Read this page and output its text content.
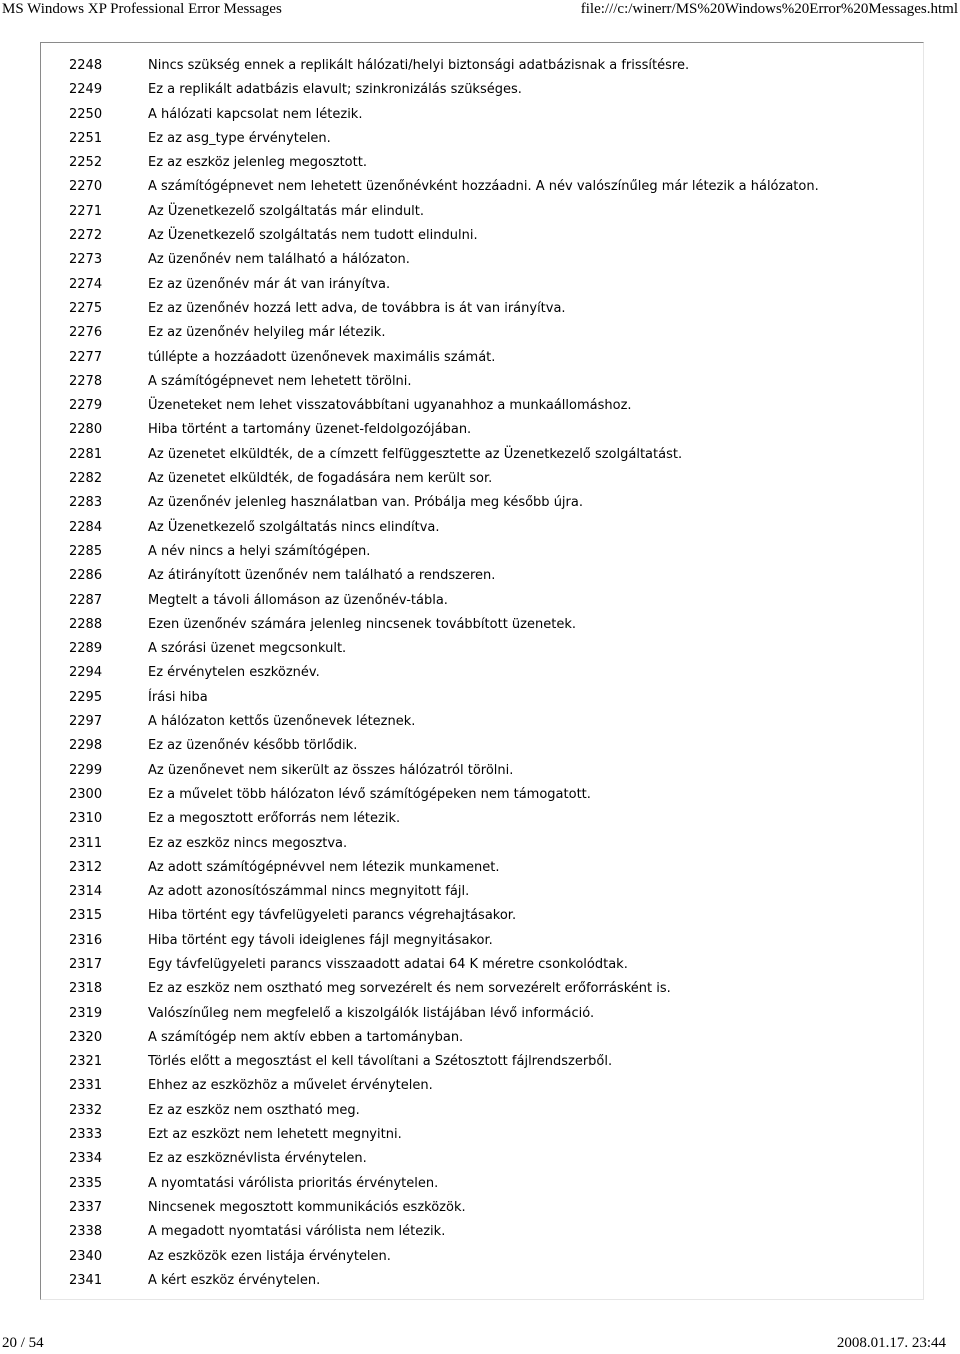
MS Windows XP Professional Error Messages	file:///c:/winerr/MS%20Windows%20Error%20Messages.html
2248	Nincs szükség ennek a replikált hálózati/helyi biztonsági adatbázisnak a frissítésre.
2249	Ez a replikált adatbázis elavult; szinkronizálás szükséges.
2250	A hálózati kapcsolat nem létezik.
2251	Ez az asg_type érvénytelen.
2252	Ez az eszköz jelenleg megosztott.
2270	A számítógépnevet nem lehetett üzenőnévként hozzáadni. A név valószínűleg már létezik a hálózaton.
2271	Az Üzenetkezelő szolgáltatás már elindult.
2272	Az Üzenetkezelő szolgáltatás nem tudott elindulni.
2273	Az üzenőnév nem található a hálózaton.
2274	Ez az üzenőnév már át van irányítva.
2275	Ez az üzenőnév hozzá lett adva, de továbbra is át van irányítva.
2276	Ez az üzenőnév helyileg már létezik.
2277	túllépte a hozzáadott üzenőnevek maximális számát.
2278	A számítógépnevet nem lehetett törölni.
2279	Üzeneteket nem lehet visszatovábbítani ugyanahhoz a munkaállomáshoz.
2280	Hiba történt a tartomány üzenet-feldolgozójában.
2281	Az üzenetet elküldték, de a címzett felfüggesztette az Üzenetkezelő szolgáltatást.
2282	Az üzenetet elküldték, de fogadására nem került sor.
2283	Az üzenőnév jelenleg használatban van. Próbálja meg később újra.
2284	Az Üzenetkezelő szolgáltatás nincs elindítva.
2285	A név nincs a helyi számítógépen.
2286	Az átirányított üzenőnév nem található a rendszeren.
2287	Megtelt a távoli állomáson az üzenőnév-tábla.
2288	Ezen üzenőnév számára jelenleg nincsenek továbbított üzenetek.
2289	A szórási üzenet megcsonkult.
2294	Ez érvénytelen eszköznév.
2295	Írási hiba
2297	A hálózaton kettős üzenőnevek léteznek.
2298	Ez az üzenőnév később törlődik.
2299	Az üzenőnevet nem sikerült az összes hálózatról törölni.
2300	Ez a művelet több hálózaton lévő számítógépeken nem támogatott.
2310	Ez a megosztott erőforrás nem létezik.
2311	Ez az eszköz nincs megosztva.
2312	Az adott számítógépnévvel nem létezik munkamenet.
2314	Az adott azonosítószámmal nincs megnyitott fájl.
2315	Hiba történt egy távfelügyeleti parancs végrehajtásakor.
2316	Hiba történt egy távoli ideiglenes fájl megnyitásakor.
2317	Egy távfelügyeleti parancs visszaadott adatai 64 K méretre csonkolódtak.
2318	Ez az eszköz nem osztható meg sorvezérelt és nem sorvezérelt erőforrásként is.
2319	Valószínűleg nem megfelelő a kiszolgálók listájában lévő információ.
2320	A számítógép nem aktív ebben a tartományban.
2321	Törlés előtt a megosztást el kell távolítani a Szétosztott fájlrendszerből.
2331	Ehhez az eszközhöz a művelet érvénytelen.
2332	Ez az eszköz nem osztható meg.
2333	Ezt az eszközt nem lehetett megnyitni.
2334	Ez az eszköznévlista érvénytelen.
2335	A nyomtatási várólista prioritás érvénytelen.
2337	Nincsenek megosztott kommunikációs eszközök.
2338	A megadott nyomtatási várólista nem létezik.
2340	Az eszközök ezen listája érvénytelen.
2341	A kért eszköz érvénytelen.
20 / 54	2008.01.17. 23:44
